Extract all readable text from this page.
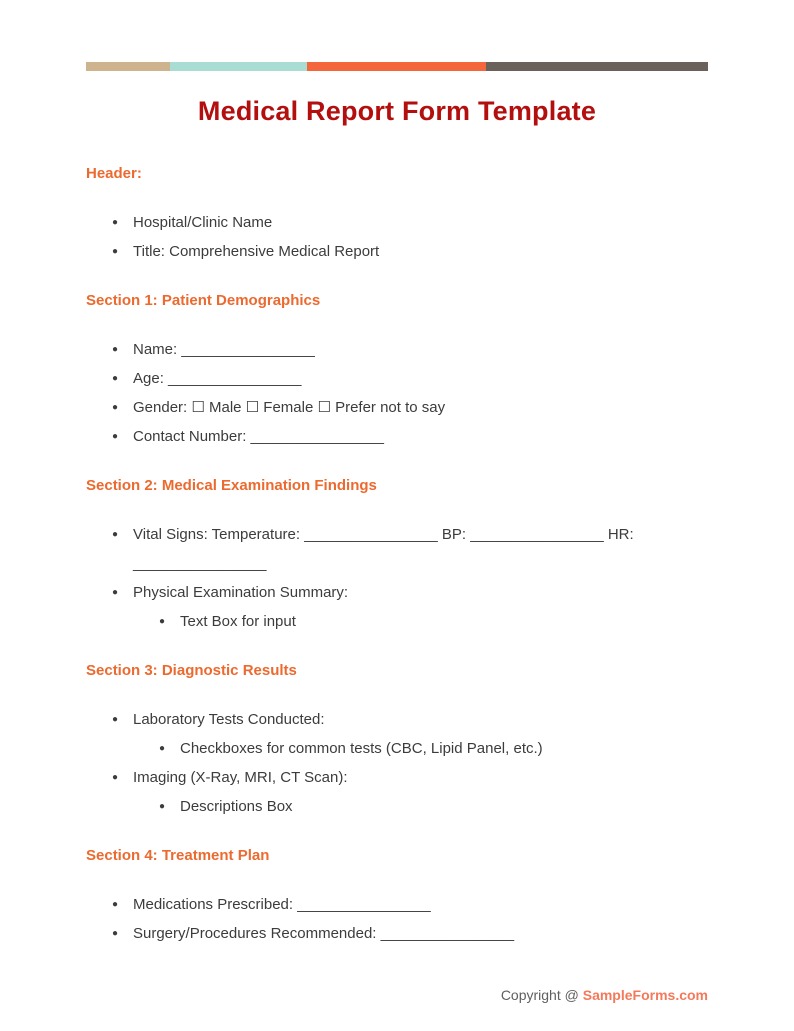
Medical Report Form Template
Header:
● Hospital/Clinic Name
● Title: Comprehensive Medical Report
Section 1: Patient Demographics
● Name: ________________
● Age: ________________
● Gender: ☐ Male ☐ Female ☐ Prefer not to say
● Contact Number: ________________
Section 2: Medical Examination Findings
● Vital Signs: Temperature: ________________ BP: ________________ HR: ________________
● Physical Examination Summary:
● Text Box for input
Section 3: Diagnostic Results
● Laboratory Tests Conducted:
● Checkboxes for common tests (CBC, Lipid Panel, etc.)
● Imaging (X-Ray, MRI, CT Scan):
● Descriptions Box
Section 4: Treatment Plan
● Medications Prescribed: ________________
● Surgery/Procedures Recommended: ________________
Copyright @ SampleForms.com
